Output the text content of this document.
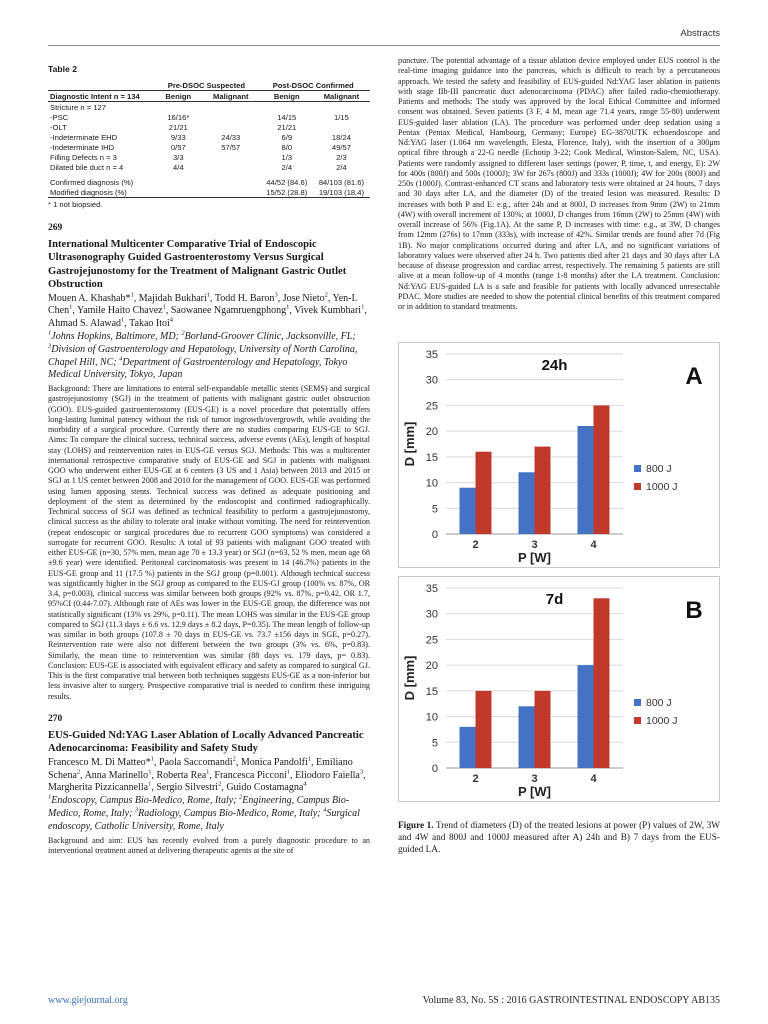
Abstracts
Table 2
	Pre-DSOC Suspected		Post-DSOC Confirmed	
Diagnostic Intent n = 134	Benign	Malignant	Benign	Malignant
Stricture n = 127				
-PSC	16/16*		14/15	1/15
-OLT	21/21		21/21	
-Indeterminate EHD	9/33	24/33	6/9	18/24
-Indeterminate IHD	0/57	57/57	8/0	49/57
Filling Defects n = 3	3/3		1/3	2/3
Dilated bile duct n = 4	4/4		2/4	2/4

Confirmed diagnosis (%)			44/52 (84.6)	84/103 (81.6)
Modified diagnosis (%)			15/52 (28.8)	19/103 (18.4)
* 1 not biopsied.
269
International Multicenter Comparative Trial of Endoscopic Ultrasonography Guided Gastroenterostomy Versus Surgical Gastrojejunostomy for the Treatment of Malignant Gastric Outlet Obstruction
Mouen A. Khashab*$^1$, Majidah Bukhari$^1$, Todd H. Baron$^3$, Jose Nieto$^2$, Yen-I. Chen$^1$, Yamile Haito Chavez$^1$, Saowanee Ngamruengphong$^1$, Vivek Kumbhari$^1$, Ahmad S. Alawad$^1$, Takao Itoi$^4$
$^1$Johns Hopkins, Baltimore, MD; $^2$Borland-Groover Clinic, Jacksonville, FL; $^3$Division of Gastroenterology and Hepatology, University of North Carolina, Chapel Hill, NC; $^4$Department of Gastroenterology and Hepatology, Tokyo Medical University, Tokyo, Japan

Background: There are limitations to enteral self-expandable metallic stents (SEMS) and surgical gastrojejunostomy (SGJ) in the treatment of patients with malignant gastric outlet obstruction (GOO). EUS-guided gastroenterostomy (EUS-GE) is a novel procedure that potentially offers long-lasting luminal patency without the risk of tumor ingrowth/overgrowth, while avoiding the morbidity of a surgical procedure. Currently there are no studies comparing EUS-GE to SGJ. Aims: To compare the clinical success, technical success, adverse events (AEs), length of hospital stay (LOHS) and reintervention rates in EUS-GE versus SGJ. Methods: This was a multicenter international retrospective comparative study of EUS-GE and SGJ in patients with malignant GOO who underwent either EUS-GE at 6 centers (3 US and 1 Asia) between 2013 and 2015 or SGJ at 1 US center between 2008 and 2010 for the management of GOO. EUS-GE was performed using lumen apposing stents. Technical success was defined as adequate positioning and deployment of the stent as determined by the endoscopist and confirmed radiographically. Technical success of SGJ was defined as technical feasibility to perform a gastrojejunostomy, clinical success as the ability to tolerate oral intake without vomiting. The need for reintervention (repeat endoscopic or surgical procedures due to recurrent GOO symptoms) was considered a surrogate for recurrent GOO. Results: A total of 93 patients with malignant GOO treated with either EUS-GE (n=30, 57% men, mean age 70 ± 13.3 year) or SGJ (n=63, 52 % men, mean age 68 ±9.6 year) were identified. Peritoneal carcinomatosis was present in 14 (46.7%) patients in the EUS-GE group and 11 (17.5 %) patients in the SGJ group (p=0.001). Although technical success was significantly higher in the SGJ group as compared to the EUS-GJ group (100% vs. 87%, OR 3.4, p=0.003), clinical success was similar between both groups (92% vs. 87%, p=0.42, OR 1.7, 95%CI (0.44-7.07). Although rate of AEs was lower in the EUS-GE group, the difference was not statistically significant (13% vs 29%, p=0.11). The mean LOHS was similar in the EUS-GE group compared to SGJ (11.3 days ± 6.6 vs. 12.9 days ± 8.2 days, P=0.35). The mean length of follow-up was similar in both groups (107.8 ± 70 days in EUS-GE vs. 73.7 ±156 days in SGE, p=0.27). Reintervention rate were also not different between the two groups (3% vs. 6%, p=0.83). Similarly, the mean time to reintervention was similar (88 days vs. 179 days, p= 0.83). Conclusion: EUS-GE is associated with equivalent efficacy and safety as compared to surgical GJ. This is the first comparative trial between both techniques suggests EUS-GE as a non-inferior but less invasive alter to surgery. Prospective comparative trial is needed to confirm these intriguing results.

270
EUS-Guided Nd:YAG Laser Ablation of Locally Advanced Pancreatic Adenocarcinoma: Feasibility and Safety Study
Francesco M. Di Matteo*$^1$, Paola Saccomandi$^2$, Monica Pandolfi$^1$, Emiliano Schena$^2$, Anna Marinello$^1$, Roberta Rea$^1$, Francesca Picconi$^1$, Eliodoro Faiella$^3$, Margherita Pizzicannella$^1$, Sergio Silvestri$^2$, Guido Costamagna$^4$
$^1$Endoscopy, Campus Bio-Medico, Rome, Italy; $^2$Engineering, Campus Bio-Medico, Rome, Italy; $^3$Radiology, Campus Bio-Medico, Rome, Italy; $^4$Surgical endoscopy, Catholic University, Rome, Italy

Background and aim: EUS has recently evolved from a purely diagnostic procedure to an interventional treatment aimed at delivering therapeutic agents at the site of

puncture. The potential advantage of a tissue ablation device employed under EUS control is the real-time imaging guidance into the pancreas, which is difficult to reach by a percutaneous approach. We tested the safety and feasibility of EUS-guided Nd:YAG laser ablation in patients with stage IIb-III pancreatic duct adenocarcinoma (PDAC) after failed radio-chemiotherapy. Patients and methods: The study was approved by the local Ethical Committee and informed consent was obtained. Seven patients (3 F, 4 M, mean age 71.4 years, range 55-80) underwent EUS-guided laser ablation (LA). The procedure was performed under deep sedation using a Pentax (Pentax Medical, Hambourg, Germany; Europe) EG-3870UTK echoendoscope and Nd:YAG laser (1.064 nm wavelength, Elesta, Florence, Italy), with the insertion of a 300μm optical fibre through a 22-G needle (Echotip 3-22; Cook Medical, Winston-Salem, NC, USA). Patients were randomly assigned to different laser settings (power, P, time, t, and energy, E): 2W for 400s (800J) and 500s (1000J); 3W for 267s (800J) and 333s (1000J); 4W for 200s (800J) and 250s (1000J). Contrast-enhanced CT scans and laboratory tests were obtained at 24 hours, 7 days and 30 days after LA, and the diameter (D) of the treated lesion was measured. Results: D increases with both P and E: e.g., after 24h and at 800J, D increases from 9mm (2W) to 21mm (4W) with overall increment of 130%; at 1000J, D changes from 16mm (2W) to 25mm (4W) with overall increase of 56% (Fig.1A). At the same P, D increases with time: e.g., at 3W, D changes from 12mm (276s) to 17mm (333s), with increase of 42%. Similar trends are found after 7d (Fig 1B). No major complications occurred during and after LA, and no significant variations of laboratory values were observed after 24 h. Two patients died after 21 days and 30 days after LA because of disease progression and cardiac arrest, respectively. The remaining 5 patients are still alive at a mean follow-up of 4 months (range 1-8 months) after the LA treatment. Conclusion: Nd:YAG EUS-guided LA is a safe and feasible for patients with locally advanced unresectable PDAC. More studies are needed to show the potential clinical benefits of this treatment compared or in addition to standard treatments.

0
5
10
15
20
25
30
35
2	3	4
P [W]
D [mm]
24h	A
800 J
1000 J
0
5
10
15
20
25
30
35
2	3	4
P [W]
D [mm]
7d	B
800 J
1000 J
Figure 1. Trend of diameters (D) of the treated lesions at power (P) values of 2W, 3W and 4W and 800J and 1000J measured after A) 24h and B) 7 days from the EUS-guided LA.
www.giejournal.org	Volume 83, No. 5S : 2016 GASTROINTESTINAL ENDOSCOPY AB135
